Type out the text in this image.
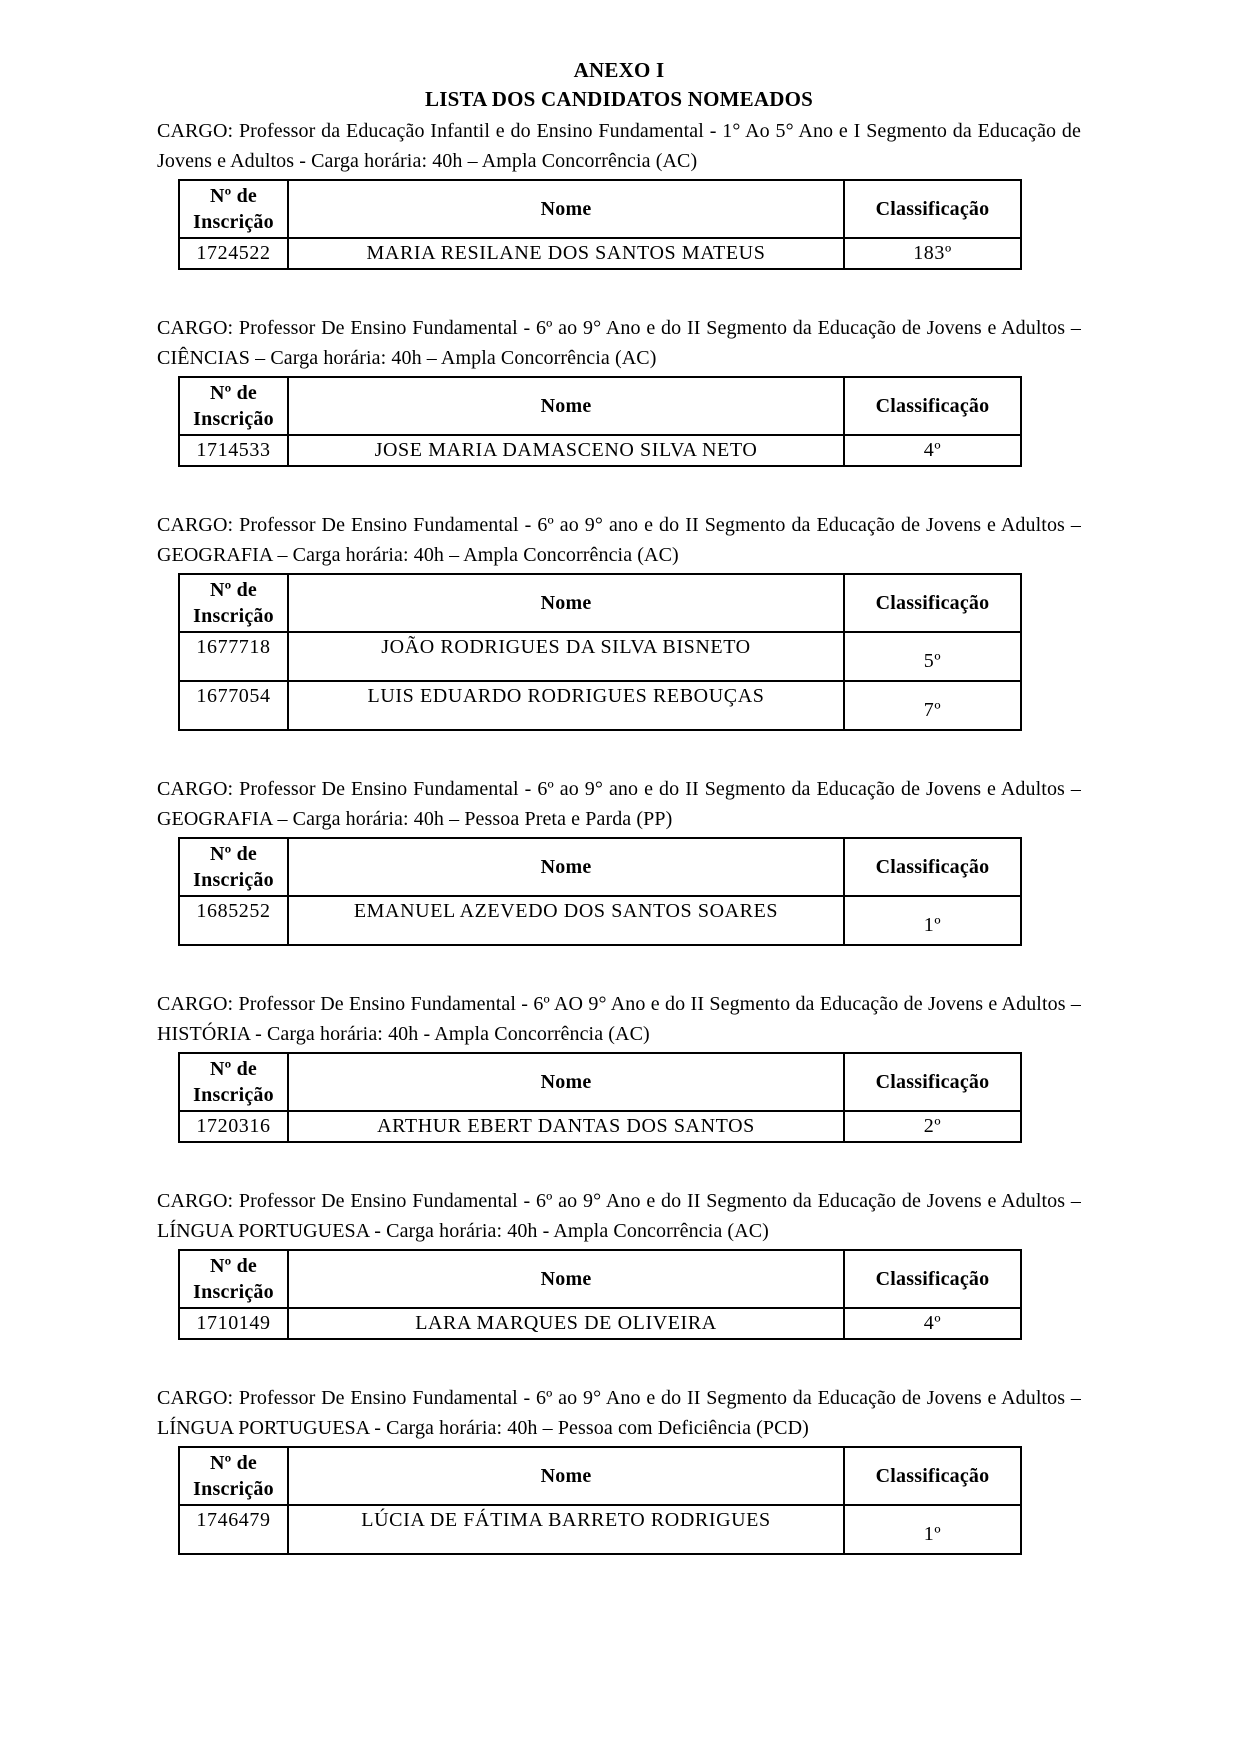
ANEXO I
LISTA DOS CANDIDATOS NOMEADOS

CARGO: Professor da Educação Infantil e do Ensino Fundamental - 1° Ao 5° Ano e I Segmento da Educação de Jovens e Adultos - Carga horária: 40h – Ampla Concorrência (AC)

Nº de Inscrição	Nome	Classificação
1724522	MARIA RESILANE DOS SANTOS MATEUS	183º

CARGO: Professor De Ensino Fundamental - 6º ao 9° Ano e do II Segmento da Educação de Jovens e Adultos – CIÊNCIAS – Carga horária: 40h – Ampla Concorrência (AC)

Nº de Inscrição	Nome	Classificação
1714533	JOSE MARIA DAMASCENO SILVA NETO	4º

CARGO: Professor De Ensino Fundamental - 6º ao 9° ano e do II Segmento da Educação de Jovens e Adultos – GEOGRAFIA – Carga horária: 40h – Ampla Concorrência (AC)

Nº de Inscrição	Nome	Classificação
1677718	JOÃO RODRIGUES DA SILVA BISNETO	5º
1677054	LUIS EDUARDO RODRIGUES REBOUÇAS	7º

CARGO: Professor De Ensino Fundamental - 6º ao 9° ano e do II Segmento da Educação de Jovens e Adultos – GEOGRAFIA – Carga horária: 40h – Pessoa Preta e Parda (PP)

Nº de Inscrição	Nome	Classificação
1685252	EMANUEL AZEVEDO DOS SANTOS SOARES	1º

CARGO: Professor De Ensino Fundamental - 6º AO 9° Ano e do II Segmento da Educação de Jovens e Adultos – HISTÓRIA - Carga horária: 40h - Ampla Concorrência (AC)

Nº de Inscrição	Nome	Classificação
1720316	ARTHUR EBERT DANTAS DOS SANTOS	2º

CARGO: Professor De Ensino Fundamental - 6º ao 9° Ano e do II Segmento da Educação de Jovens e Adultos – LÍNGUA PORTUGUESA - Carga horária: 40h - Ampla Concorrência (AC)

Nº de Inscrição	Nome	Classificação
1710149	LARA MARQUES DE OLIVEIRA	4º

CARGO: Professor De Ensino Fundamental - 6º ao 9° Ano e do II Segmento da Educação de Jovens e Adultos – LÍNGUA PORTUGUESA - Carga horária: 40h – Pessoa com Deficiência (PCD)

Nº de Inscrição	Nome	Classificação
1746479	LÚCIA DE FÁTIMA BARRETO RODRIGUES	1º
